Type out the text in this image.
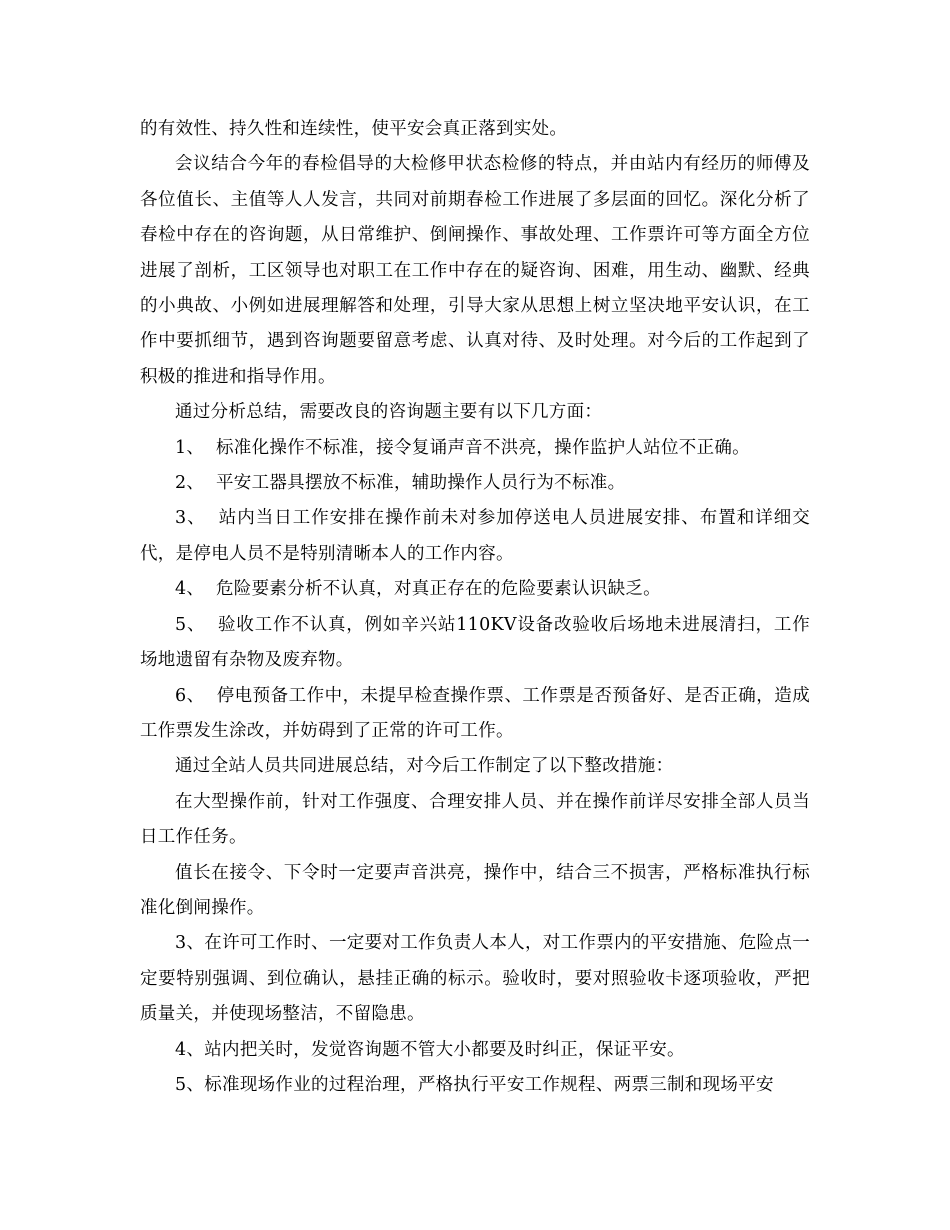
的有效性、持久性和连续性，使平安会真正落到实处。

会议结合今年的春检倡导的大检修甲状态检修的特点，并由站内有经历的师傅及各位值长、主值等人人发言，共同对前期春检工作进展了多层面的回忆。深化分析了春检中存在的咨询题，从日常维护、倒闸操作、事故处理、工作票许可等方面全方位进展了剖析，工区领导也对职工在工作中存在的疑咨询、困难，用生动、幽默、经典的小典故、小例如进展理解答和处理，引导大家从思想上树立坚决地平安认识，在工作中要抓细节，遇到咨询题要留意考虑、认真对待、及时处理。对今后的工作起到了积极的推进和指导作用。

通过分析总结，需要改良的咨询题主要有以下几方面：

1、  标准化操作不标准，接令复诵声音不洪亮，操作监护人站位不正确。

2、  平安工器具摆放不标准，辅助操作人员行为不标准。

3、  站内当日工作安排在操作前未对参加停送电人员进展安排、布置和详细交代，是停电人员不是特别清晰本人的工作内容。

4、  危险要素分析不认真，对真正存在的危险要素认识缺乏。

5、  验收工作不认真，例如辛兴站110KV设备改验收后场地未进展清扫，工作场地遗留有杂物及废弃物。

6、  停电预备工作中，未提早检查操作票、工作票是否预备好、是否正确，造成工作票发生涂改，并妨碍到了正常的许可工作。

通过全站人员共同进展总结，对今后工作制定了以下整改措施：

在大型操作前，针对工作强度、合理安排人员、并在操作前详尽安排全部人员当日工作任务。

值长在接令、下令时一定要声音洪亮，操作中，结合三不损害，严格标准执行标准化倒闸操作。

3、在许可工作时、一定要对工作负责人本人，对工作票内的平安措施、危险点一定要特别强调、到位确认，悬挂正确的标示。验收时，要对照验收卡逐项验收，严把质量关，并使现场整洁，不留隐患。

4、站内把关时，发觉咨询题不管大小都要及时纠正，保证平安。

5、标准现场作业的过程治理，严格执行平安工作规程、两票三制和现场平安
